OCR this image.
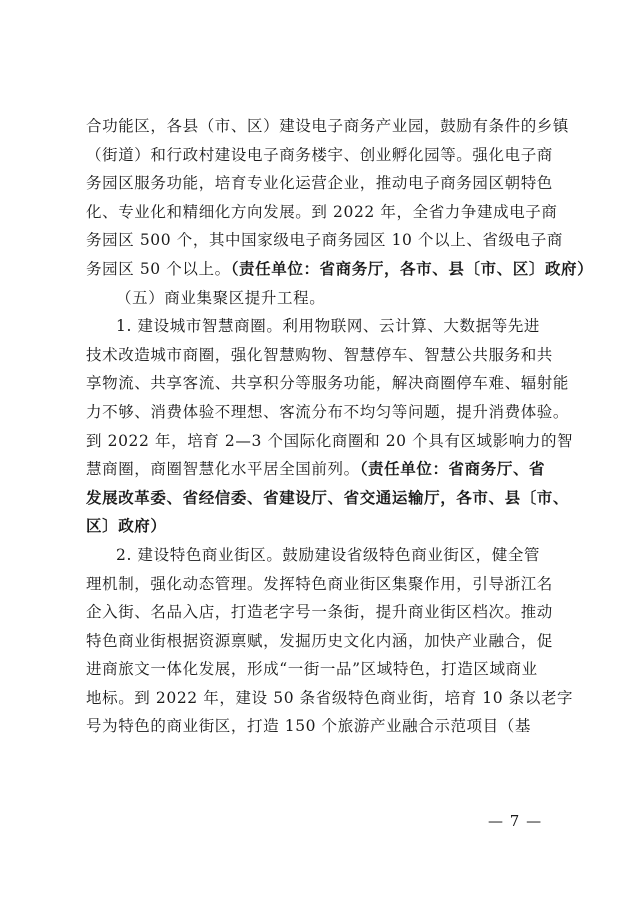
合功能区，各县（市、区）建设电子商务产业园，鼓励有条件的乡镇
（街道）和行政村建设电子商务楼宇、创业孵化园等。强化电子商
务园区服务功能，培育专业化运营企业，推动电子商务园区朝特色
化、专业化和精细化方向发展。到 2022 年，全省力争建成电子商
务园区 500 个，其中国家级电子商务园区 10 个以上、省级电子商
务园区 50 个以上。（责任单位：省商务厅，各市、县〔市、区〕政府）
（五）商业集聚区提升工程。
1. 建设城市智慧商圈。利用物联网、云计算、大数据等先进
技术改造城市商圈，强化智慧购物、智慧停车、智慧公共服务和共
享物流、共享客流、共享积分等服务功能，解决商圈停车难、辐射能
力不够、消费体验不理想、客流分布不均匀等问题，提升消费体验。
到 2022 年，培育 2—3 个国际化商圈和 20 个具有区域影响力的智
慧商圈，商圈智慧化水平居全国前列。（责任单位：省商务厅、省
发展改革委、省经信委、省建设厅、省交通运输厅，各市、县〔市、
区〕政府）
2. 建设特色商业街区。鼓励建设省级特色商业街区，健全管
理机制，强化动态管理。发挥特色商业街区集聚作用，引导浙江名
企入街、名品入店，打造老字号一条街，提升商业街区档次。推动
特色商业街根据资源禀赋，发掘历史文化内涵，加快产业融合，促
进商旅文一体化发展，形成“一街一品”区域特色，打造区域商业
地标。到 2022 年，建设 50 条省级特色商业街，培育 10 条以老字
号为特色的商业街区，打造 150 个旅游产业融合示范项目（基
— 7 —
